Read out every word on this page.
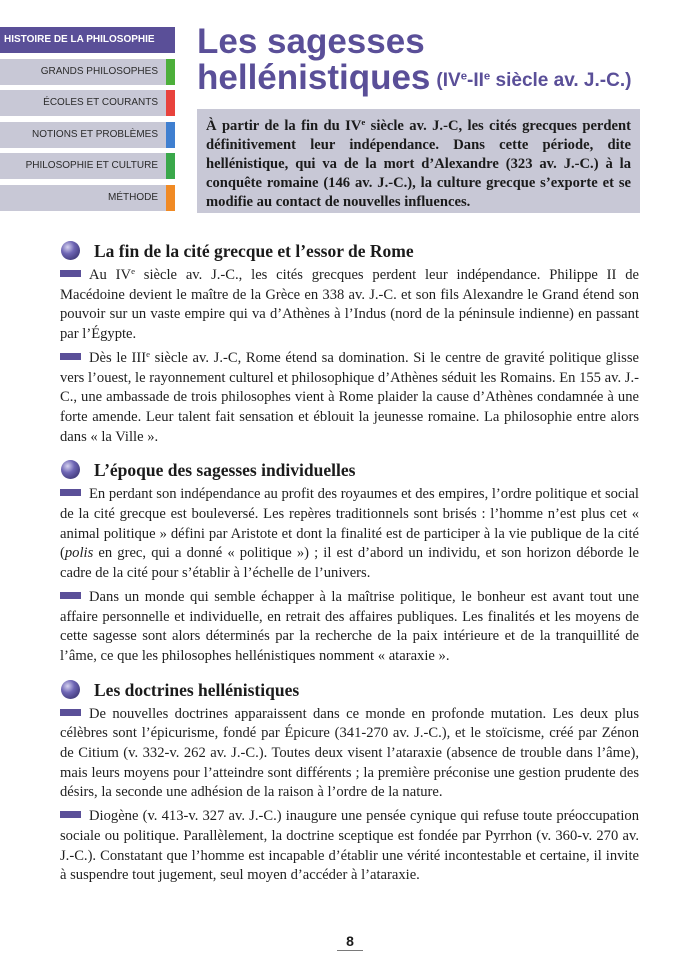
HISTOIRE DE LA PHILOSOPHIE
GRANDS PHILOSOPHES
ÉCOLES ET COURANTS
NOTIONS ET PROBLÈMES
PHILOSOPHIE ET CULTURE
MÉTHODE
Les sagesses
hellénistiques (IVe-IIe siècle av. J.-C.)
À partir de la fin du IVe siècle av. J.-C, les cités grecques perdent définitivement leur indépendance. Dans cette période, dite hellénistique, qui va de la mort d’Alexandre (323 av. J.-C.) à la conquête romaine (146 av. J.-C.), la culture grecque s’exporte et se modifie au contact de nouvelles influences.
La fin de la cité grecque et l’essor de Rome

Au IVe siècle av. J.-C., les cités grecques perdent leur indépendance. Philippe II de Macédoine devient le maître de la Grèce en 338 av. J.-C. et son fils Alexandre le Grand étend son pouvoir sur un vaste empire qui va d’Athènes à l’Indus (nord de la péninsule indienne) en passant par l’Égypte.

Dès le IIIe siècle av. J.-C, Rome étend sa domination. Si le centre de gravité politique glisse vers l’ouest, le rayonnement culturel et philosophique d’Athènes séduit les Romains. En 155 av. J.-C., une ambassade de trois philosophes vient à Rome plaider la cause d’Athènes condamnée à une forte amende. Leur talent fait sensation et éblouit la jeunesse romaine. La philosophie entre alors dans « la Ville ».

L’époque des sagesses individuelles

En perdant son indépendance au profit des royaumes et des empires, l’ordre politique et social de la cité grecque est bouleversé. Les repères traditionnels sont brisés : l’homme n’est plus cet « animal politique » défini par Aristote et dont la finalité est de participer à la vie publique de la cité (polis en grec, qui a donné « politique ») ; il est d’abord un individu, et son horizon déborde le cadre de la cité pour s’établir à l’échelle de l’univers.

Dans un monde qui semble échapper à la maîtrise politique, le bonheur est avant tout une affaire personnelle et individuelle, en retrait des affaires publiques. Les finalités et les moyens de cette sagesse sont alors déterminés par la recherche de la paix intérieure et de la tranquillité de l’âme, ce que les philosophes hellénistiques nomment « ataraxie ».

Les doctrines hellénistiques

De nouvelles doctrines apparaissent dans ce monde en profonde mutation. Les deux plus célèbres sont l’épicurisme, fondé par Épicure (341-270 av. J.-C.), et le stoïcisme, créé par Zénon de Citium (v. 332-v. 262 av. J.-C.). Toutes deux visent l’ataraxie (absence de trouble dans l’âme), mais leurs moyens pour l’atteindre sont différents ; la première préconise une gestion prudente des désirs, la seconde une adhésion de la raison à l’ordre de la nature.

Diogène (v. 413-v. 327 av. J.-C.) inaugure une pensée cynique qui refuse toute préoccupation sociale ou politique. Parallèlement, la doctrine sceptique est fondée par Pyrrhon (v. 360-v. 270 av. J.-C.). Constatant que l’homme est incapable d’établir une vérité incontestable et certaine, il invite à suspendre tout jugement, seul moyen d’accéder à l’ataraxie.

8
